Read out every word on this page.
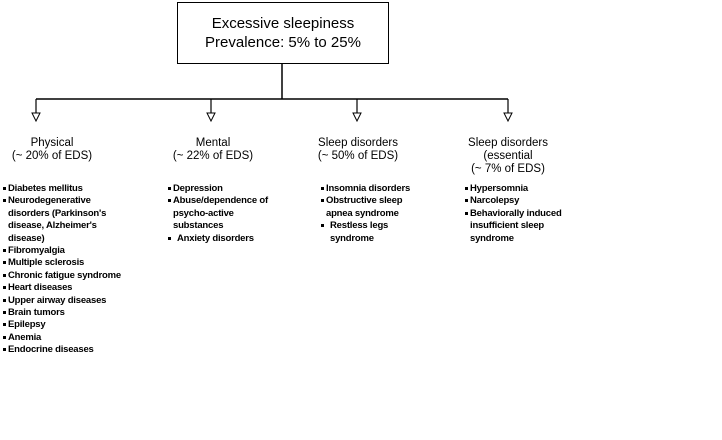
Excessive sleepiness
Prevalence: 5% to 25%
Physical
(~ 20% of EDS)
Mental
(~ 22% of EDS)
Sleep disorders
(~ 50% of EDS)
Sleep disorders
(essential
(~ 7% of EDS)
Diabetes mellitus
Neurodegenerative disorders (Parkinson's disease, Alzheimer's disease)
Fibromyalgia
Multiple sclerosis
Chronic fatigue syndrome
Heart diseases
Upper airway diseases
Brain tumors
Epilepsy
Anemia
Endocrine diseases
Depression
Abuse/dependence of psycho-active substances
Anxiety disorders
Insomnia disorders
Obstructive sleep apnea syndrome
Restless legs syndrome
Hypersomnia
Narcolepsy
Behaviorally induced insufficient sleep syndrome
